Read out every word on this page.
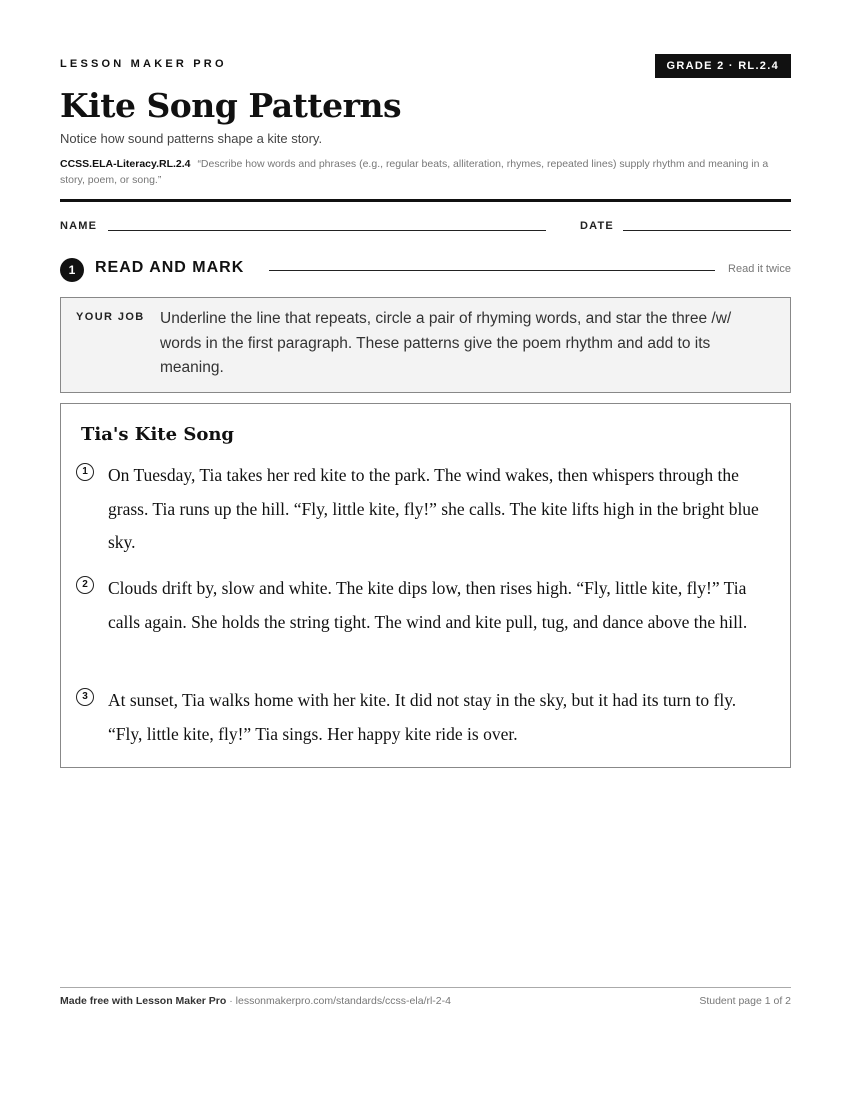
LESSON MAKER PRO	GRADE 2 · RL.2.4
Kite Song Patterns
Notice how sound patterns shape a kite story.
CCSS.ELA-Literacy.RL.2.4 “Describe how words and phrases (e.g., regular beats, alliteration, rhymes, repeated lines) supply rhythm and meaning in a story, poem, or song.”
NAME	DATE
1	READ AND MARK	Read it twice
YOUR JOB Underline the line that repeats, circle a pair of rhyming words, and star the three /w/ words in the first paragraph. These patterns give the poem rhythm and add to its meaning.
Tia's Kite Song
1	On Tuesday, Tia takes her red kite to the park. The wind wakes, then whispers through the grass. Tia runs up the hill. “Fly, little kite, fly!” she calls. The kite lifts high in the bright blue sky.

2	Clouds drift by, slow and white. The kite dips low, then rises high. “Fly, little kite, fly!” Tia calls again. She holds the string tight. The wind and kite pull, tug, and dance above the hill.

3	At sunset, Tia walks home with her kite. It did not stay in the sky, but it had its turn to fly. “Fly, little kite, fly!” Tia sings. Her happy kite ride is over.

Made free with Lesson Maker Pro · lessonmakerpro.com/standards/ccss-ela/rl-2-4	Student page 1 of 2
